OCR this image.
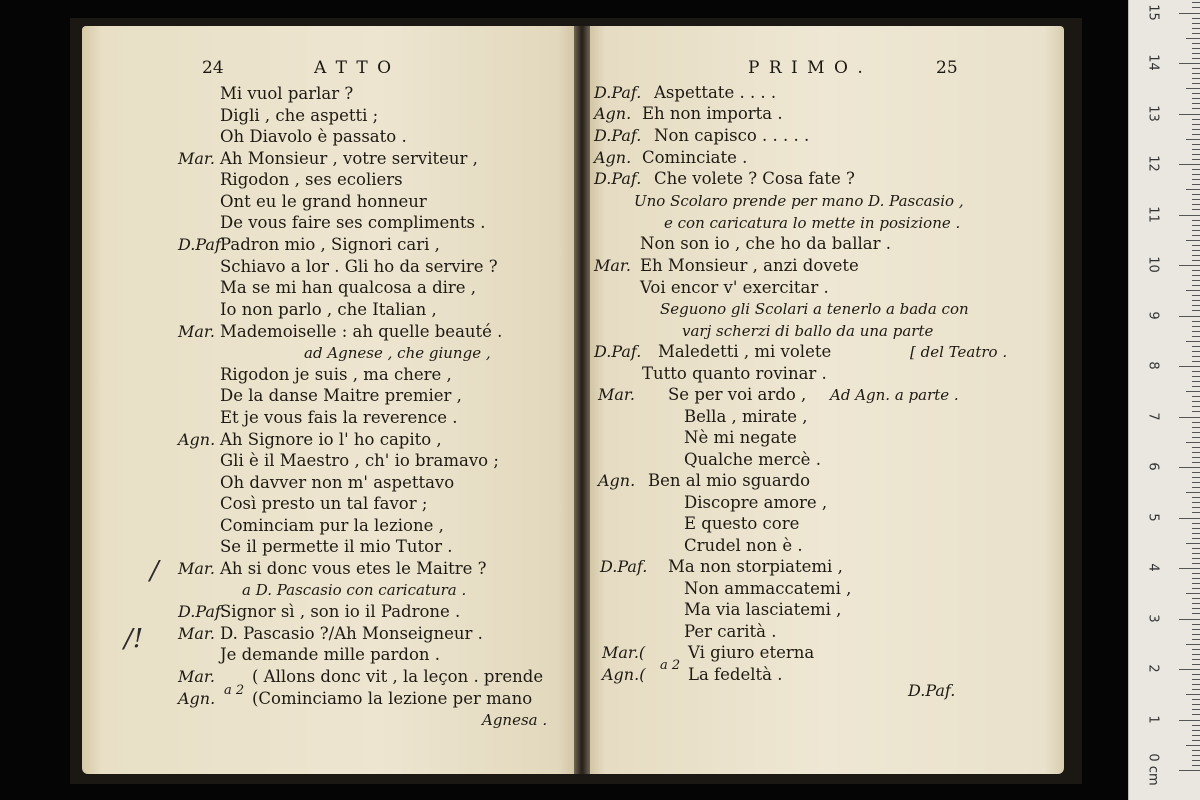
24	A T T O
Mi vuol parlar ?
Digli , che aspetti ;
Oh Diavolo è passato .
Mar. Ah Monsieur , votre serviteur ,
Rigodon , ses ecoliers
Ont eu le grand honneur
De vous faire ses compliments .
D.Paf.
Padron mio , Signori cari ,
Schiavo a lor . Gli ho da servire ?
Ma se mi han qualcosa a dire ,
Io non parlo , che Italian ,
Mar. Mademoiselle : ah quelle beauté .
ad Agnese , che giunge ,
Rigodon je suis , ma chere ,
De la danse Maitre premier ,
Et je vous fais la reverence .
Agn. Ah Signore io l' ho capito ,
Gli è il Maestro , ch' io bramavo ;
Oh davver non m' aspettavo
Così presto un tal favor ;
Cominciam pur la lezione ,
Se il permette il mio Tutor .
Mar. Ah si donc vous etes le Maitre ?
a D. Pascasio con caricatura .
D.Paf.
Signor sì , son io il Padrone .
Mar. D. Pascasio ?/Ah Monseigneur .
Je demande mille pardon .
Mar. ( Allons donc vit , la leçon . prende
Agn. (Cominciamo la lezione per mano
Agnesa .
a 2
/
/!
25
P R I M O .
D.Paf. Aspettate . . . .
Agn. Eh non importa .
D.Paf. Non capisco . . . . .
Agn. Cominciate .
D.Paf. Che volete ? Cosa fate ?
Uno Scolaro prende per mano D. Pascasio ,
e con caricatura lo mette in posizione .
Non son io , che ho da ballar .
Mar. Eh Monsieur , anzi dovete
Voi encor v' exercitar .
Seguono gli Scolari a tenerlo a bada con
varj scherzi di ballo da una parte
D.Paf. Maledetti , mi volete	[ del Teatro .
Tutto quanto rovinar .
Mar. Se per voi ardo , Ad Agn. a parte .
Bella , mirate ,
Nè mi negate
Qualche mercè .
Agn. Ben al mio sguardo
Discopre amore ,
E questo core
Crudel non è .
D.Paf. Ma non storpiatemi ,
Non ammaccatemi ,
Ma via lasciatemi ,
Per carità .
Mar.(	Vi giuro eterna
Agn.(	La fedeltà .
D.Paf.
a 2
15
14
13
12
11
10
9
8
7
6
5
4
3
2
1
0 cm
